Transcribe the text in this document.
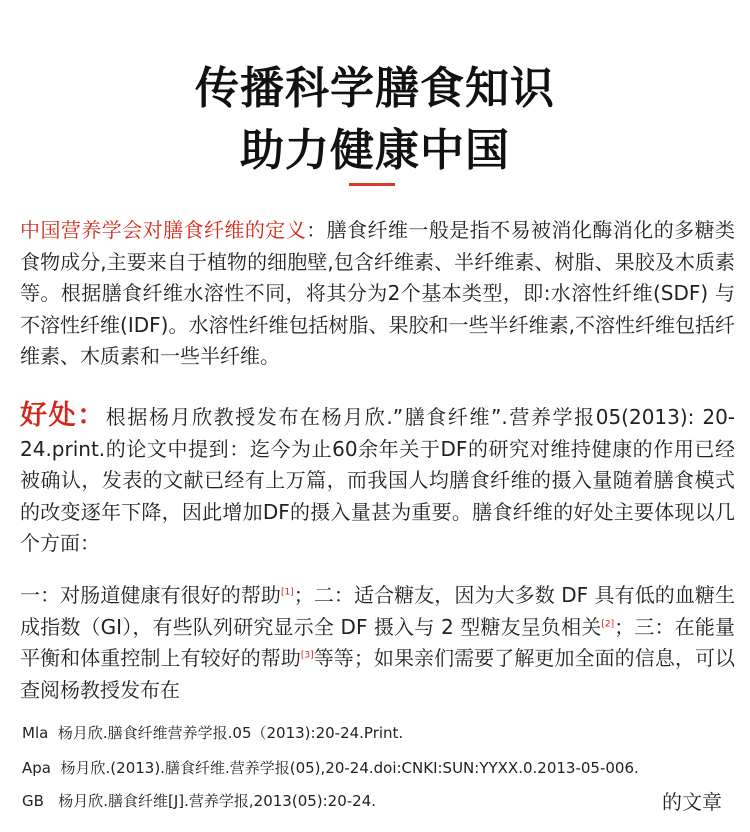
传播科学膳食知识
助力健康中国
中国营养学会对膳食纤维的定义：膳食纤维一般是指不易被消化酶消化的多糖类食物成分,主要来自于植物的细胞壁,包含纤维素、半纤维素、树脂、果胶及木质素等。根据膳食纤维水溶性不同，将其分为2个基本类型，即:水溶性纤维(SDF) 与不溶性纤维(IDF)。水溶性纤维包括树脂、果胶和一些半纤维素,不溶性纤维包括纤维素、木质素和一些半纤维。
好处：根据杨月欣教授发布在杨月欣.”膳食纤维”.营养学报05(2013): 20-24.print.的论文中提到：迄今为止60余年关于DF的研究对维持健康的作用已经被确认，发表的文献已经有上万篇，而我国人均膳食纤维的摄入量随着膳食模式的改变逐年下降，因此增加DF的摄入量甚为重要。膳食纤维的好处主要体现以几个方面：
一：对肠道健康有很好的帮助[1]；二：适合糖友，因为大多数 DF 具有低的血糖生成指数（GI），有些队列研究显示全 DF 摄入与 2 型糖友呈负相关[2]；三：在能量平衡和体重控制上有较好的帮助[3]等等；如果亲们需要了解更加全面的信息，可以查阅杨教授发布在
Mla 杨月欣.膳食纤维营养学报.05（2013):20-24.Print.
Apa 杨月欣.(2013).膳食纤维.营养学报(05),20-24.doi:CNKI:SUN:YYXX.0.2013-05-006.
GB 杨月欣.膳食纤维[J].营养学报,2013(05):20-24.	的文章
